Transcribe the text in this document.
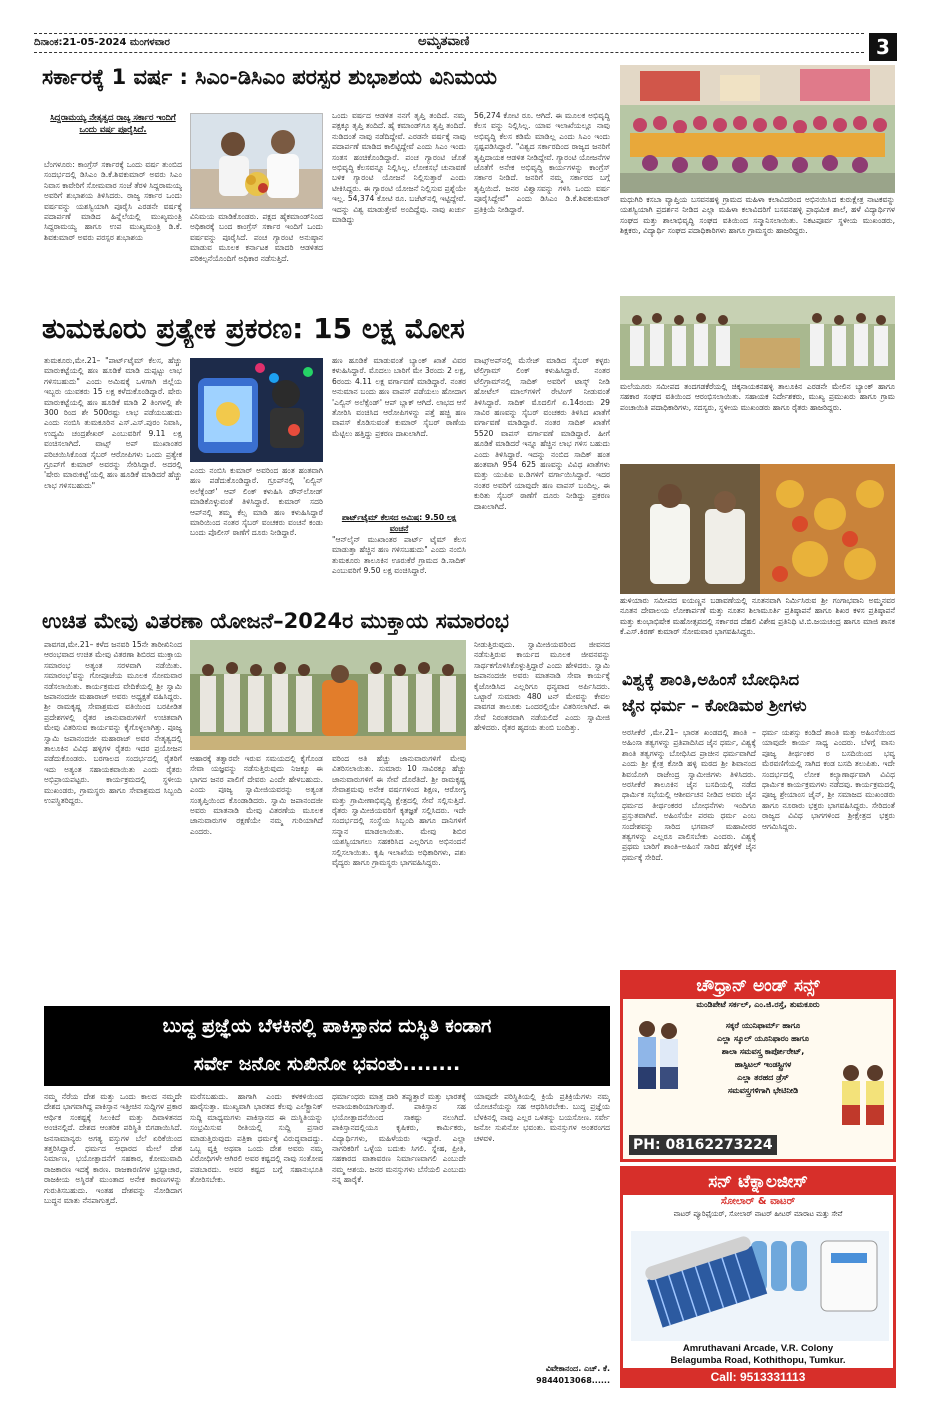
ದಿನಾಂಕ:21-05-2024 ಮಂಗಳವಾರ	ಅಮೃತವಾಣಿ	3
ಸರ್ಕಾರಕ್ಕೆ 1 ವರ್ಷ : ಸಿಎಂ-ಡಿಸಿಎಂ ಪರಸ್ಪರ ಶುಭಾಶಯ ವಿನಿಮಯ
ಸಿದ್ದರಾಮಯ್ಯ ನೇತೃತ್ವದ ರಾಜ್ಯ ಸರ್ಕಾರ ಇಂದಿಗೆ ಒಂದು ವರ್ಷ ಪೂರೈಸಿದೆ.
ಬೆಂಗಳೂರು: ಕಾಂಗ್ರೆಸ್ ಸರ್ಕಾರಕ್ಕೆ ಒಂದು ವರ್ಷ ತುಂಬಿದ ಸಂದರ್ಭದಲ್ಲಿ ಡಿಸಿಎಂ ಡಿ.ಕೆ.ಶಿವಕುಮಾರ್ ಅವರು ಸಿಎಂ ನಿವಾಸ ಕಾವೇರಿಗೆ ಸೋಮವಾರ ಸಂಜೆ ತೆರಳಿ ಸಿದ್ದರಾಮಯ್ಯ ಅವರಿಗೆ ಶುಭಾಶಯ ತಿಳಿಸಿದರು. ರಾಜ್ಯ ಸರ್ಕಾರ ಒಂದು ವರ್ಷವನ್ನು ಯಶಸ್ವಿಯಾಗಿ ಪೂರೈಸಿ ಎರಡನೇ ವರ್ಷಕ್ಕೆ ಪದಾರ್ಪಣೆ ಮಾಡಿದ ಹಿನ್ನೆಲೆಯಲ್ಲಿ ಮುಖ್ಯಮಂತ್ರಿ ಸಿದ್ದರಾಮಯ್ಯ ಹಾಗೂ ಉಪ ಮುಖ್ಯಮಂತ್ರಿ ಡಿ.ಕೆ. ಶಿವಕುಮಾರ್ ಅವರು ಪರಸ್ಪರ ಶುಭಾಶಯ
ವಿನಿಮಯ ಮಾಡಿಕೊಂಡರು. ಪಕ್ಷದ ಹೈಕಮಾಂಡ್‌ನಿಂದ ಅಧಿಕಾರಕ್ಕೆ ಬಂದ ಕಾಂಗ್ರೆಸ್ ಸರ್ಕಾರ ಇಂದಿಗೆ ಒಂದು ವರ್ಷವನ್ನು ಪೂರೈಸಿದೆ. ಪಂಚ ಗ್ಯಾರಂಟಿ ಅನುಷ್ಠಾನ ಮಾಡುವ ಮೂಲಕ ಕರ್ನಾಟಕ ಮಾದರಿ ಆಡಳಿತದ ಪರಿಕಲ್ಪನೆಯೊಂದಿಗೆ ಅಧಿಕಾರ ನಡೆಸುತ್ತಿದೆ.
ಒಂದು ವರ್ಷದ ಆಡಳಿತ ನನಗೆ ತೃಪ್ತಿ ತಂದಿದೆ. ನಮ್ಮ ಪಕ್ಷಕ್ಕೂ ತೃಪ್ತಿ ತಂದಿದೆ. ಹೈ ಕಮಾಂಡ್‌ಗೂ ತೃಪ್ತಿ ತಂದಿದೆ. ನುಡಿದಂತೆ ನಾವು ನಡೆದಿದ್ದೇವೆ. ಎರಡನೇ ವರ್ಷಕ್ಕೆ ನಾವು ಪದಾರ್ಪಣೆ ಮಾಡಿದ ಕಾಲಿಟ್ಟಿದ್ದೇವೆ ಎಂದು ಸಿಎಂ ಇಂದು ಸಂತಸ ಹಂಚಿಕೊಂಡಿದ್ದಾರೆ. ಪಂಚ ಗ್ಯಾರಂಟಿ ಜೊತೆ ಅಭಿವೃದ್ಧಿ ಕೆಲಸವನ್ನೂ ನಿಲ್ಲಿಸಿಲ್ಲ. ಲೋಕಸಭೆ ಚುನಾವಣೆ ಬಳಿಕ ಗ್ಯಾರಂಟಿ ಯೋಜನೆ ನಿಲ್ಲಿಸುತ್ತಾರೆ ಎಂದು ಟೀಕಿಸಿದ್ದರು. ಈ ಗ್ಯಾರಂಟಿ ಯೋಜನೆ ನಿಲ್ಲಿಸುವ ಪ್ರಶ್ನೆಯೇ ಇಲ್ಲ. 54,374 ಕೋಟಿ ರೂ. ಬಜೆಟ್‌ನಲ್ಲಿ ಇಟ್ಟಿದ್ದೇವೆ. ಇದನ್ನು ವಿಶ್ವ ಮಾಡುತ್ತೇವೆ ಅಂದಿದ್ದೆವು. ನಾವು ಖರ್ಚು ಮಾಡಿದ್ದು
56,274 ಕೋಟಿ ರೂ. ಆಗಿದೆ. ಈ ಮೂಲಕ ಅಭಿವೃದ್ಧಿ ಕೆಲಸ ವನ್ನು ನಿಲ್ಲಿಸಿಲ್ಲ. ಯಾವ ಇಲಾಖೆಯಲ್ಲೂ ನಾವು ಅಭಿವೃದ್ಧಿ ಕೆಲಸ ಕಡಿಮೆ ಮಾಡಿಲ್ಲ ಎಂದು ಸಿಎಂ ಇಂದು ಸ್ಪಷ್ಟಪಡಿಸಿದ್ದಾರೆ. "ವಿಶ್ವದ ಸರ್ಕಾರದಿಂದ ರಾಜ್ಯದ ಜನರಿಗೆ ತೃಪ್ತಿದಾಯಕ ಆಡಳಿತ ನೀಡಿದ್ದೇವೆ. ಗ್ಯಾರಂಟಿ ಯೋಜನೆಗಳ ಜೊತೆಗೆ ಅನೇಕ ಅಭಿವೃದ್ಧಿ ಕಾರ್ಯಗಳನ್ನು ಕಾಂಗ್ರೆಸ್ ಸರ್ಕಾರ ನೀಡಿದೆ. ಜನರಿಗೆ ನಮ್ಮ ಸರ್ಕಾರದ ಬಗ್ಗೆ ತೃಪ್ತಿಯಿದೆ. ಜನರ ವಿಶ್ವಾಸವನ್ನು ಗಳಿಸಿ ಒಂದು ವರ್ಷ ಪೂರೈಸಿದ್ದೇವೆ" ಎಂದು ಡಿಸಿಎಂ ಡಿ.ಕೆ.ಶಿವಕುಮಾರ್ ಪ್ರತಿಕ್ರಿಯೆ ನೀಡಿದ್ದಾರೆ.
ಮಧುಗಿರಿ ಕಸಬಾ ವ್ಯಾಪ್ತಿಯ ಬಸವನಹಳ್ಳಿ ಗ್ರಾಮದ ಮಹಿಳಾ ಕಲಾವಿದರಿಂದ ಅಭಿನಯಿಸಿದ ಕುರುಕ್ಷೇತ್ರ ನಾಟಕವನ್ನು ಯಶಸ್ವಿಯಾಗಿ ಪ್ರದರ್ಶನ ನೀಡಿದ ಎಲ್ಲಾ ಮಹಿಳಾ ಕಲಾವಿದರಿಗೆ ಬಸವನಹಳ್ಳಿ ಪ್ರಾಥಮಿಕ ಶಾಲೆ, ಹಳೆ ವಿದ್ಯಾರ್ಥಿಗಳ ಸಂಘದ ಮತ್ತು ಶಾಲಾಭಿವೃದ್ಧಿ ಸಂಘದ ವತಿಯಿಂದ ಸನ್ಮಾನಿಸಲಾಯಿತು. ನಿಕಟಪೂರ್ವ ಸ್ಥಳೀಯ ಮುಖಂಡರು, ಶಿಕ್ಷಕರು, ವಿದ್ಯಾರ್ಥಿ ಸಂಘದ ಪದಾಧಿಕಾರಿಗಳು ಹಾಗೂ ಗ್ರಾಮಸ್ಥರು ಹಾಜರಿದ್ದರು.
ಮಲೆಯೂರು ಸಮೀಪದ ತಂದಗಡಕೆರೆಯಲ್ಲಿ ಚಿಕ್ಕನಾಯಕನಹಳ್ಳಿ ತಾಲೂಕಿನ ಎರಡನೇ ಮೇಲಿನ ಬ್ಯಾಂಕ್ ಹಾಗೂ ಸಹಕಾರ ಸಂಘದ ವತಿಯಿಂದ ಆರಂಭಿಸಲಾಯಿತು. ಸಹಾಯಕ ನಿರ್ದೇಶಕರು, ಮುಖ್ಯ ಪ್ರಮುಖರು ಹಾಗೂ ಗ್ರಾಮ ಪಂಚಾಯಿತಿ ಪದಾಧಿಕಾರಿಗಳು, ಸದಸ್ಯರು, ಸ್ಥಳೀಯ ಮುಖಂಡರು ಹಾಗೂ ರೈತರು ಹಾಜರಿದ್ದರು.
ಹುಳಿಯಾರು ಸಮೀಪದ ಐಯಣ್ಣನ ಬಡಾವಣೆಯಲ್ಲಿ ನೂತನವಾಗಿ ನಿರ್ಮಿಸಿರುವ ಶ್ರೀ ಗಂಗಾಭವಾನಿ ಅಮ್ಮನವರ ನೂತನ ದೇವಾಲಯ ಲೋಕಾರ್ಪಣೆ ಮತ್ತು ನೂತನ ಶಿಲಾಮೂರ್ತಿ ಪ್ರತಿಷ್ಠಾಪನೆ ಹಾಗೂ ಶಿಖರ ಕಳಸ ಪ್ರತಿಷ್ಠಾಪನೆ ಮತ್ತು ಕುಂಭಾಭಿಷೇಕ ಮಹೋತ್ಸವದಲ್ಲಿ ಸರ್ಕಾರದ ದೆಹಲಿ ವಿಶೇಷ ಪ್ರತಿನಿಧಿ ಟಿ.ಬಿ.ಜಯಚಂದ್ರ ಹಾಗೂ ಮಾಜಿ ಶಾಸಕ ಕೆ.ಎಸ್.ಕಿರಣ್ ಕುಮಾರ್ ಸೋಮವಾರ ಭಾಗವಹಿಸಿದ್ದರು.
ತುಮಕೂರು ಪ್ರತ್ಯೇಕ ಪ್ರಕರಣ: 15 ಲಕ್ಷ ಮೋಸ
ತುಮಕೂರು,ಮೇ.21– "ಪಾರ್ಟ್‌ಟೈಮ್ ಕೆಲಸ, ಹೆಚ್ಚು ಮಾರುಕಟ್ಟೆಯಲ್ಲಿ ಹಣ ಹೂಡಿಕೆ ಮಾಡಿ ದುಪ್ಪಟ್ಟು ಲಾಭ ಗಳಿಸಬಹುದು" ಎಂದು ಅಮಿಷಕ್ಕೆ ಒಳಗಾಗಿ ಜಿಲ್ಲೆಯ ಇಬ್ಬರು ಯುವಕರು 15 ಲಕ್ಷ ಕಳೆದುಕೊಂಡಿದ್ದಾರೆ. ಷೇರು ಮಾರುಕಟ್ಟೆಯಲ್ಲಿ ಹಣ ಹೂಡಿಕೆ ಮಾಡಿ 2 ತಿಂಗಳಲ್ಲಿ ಶೇ 300 ರಿಂದ ಶೇ 500ರಷ್ಟು ಲಾಭ ಪಡೆಯಬಹುದು ಎಂದು ನಂಬಿಸಿ ತುಮಕೂರಿನ ಎಸ್.ಎಸ್.ಪುರಂ ನಿವಾಸಿ, ಉದ್ಯಮಿ ಚಂದ್ರಶೇಖರ್ ಎಂಬುವರಿಗೆ 9.11 ಲಕ್ಷ ವಂಚಿಸಲಾಗಿದೆ. ವಾಟ್ಸ್ ಅಪ್ ಮುಖಾಂತರ ಪರಿಚಯಿಸಿಕೊಂಡ ಸೈಬರ್ ಆರೋಪಿಗಳು ಒಂದು ಪ್ರತ್ಯೇಕ ಗ್ರೂಪ್‌ಗೆ ಕುಮಾರ್ ಅವರನ್ನು ಸೇರಿಸಿದ್ದಾರೆ. ಅದರಲ್ಲಿ 'ಷೇರು ಮಾರುಕಟ್ಟೆ'ಯಲ್ಲಿ ಹಣ ಹೂಡಿಕೆ ಮಾಡಿದರೆ ಹೆಚ್ಚು ಲಾಭ ಗಳಿಸಬಹುದು"
ಎಂದು ನಂಬಿಸಿ ಕುಮಾರ್ ಅವರಿಂದ ಹಂತ ಹಂತವಾಗಿ ಹಣ ಪಡೆದುಕೊಂಡಿದ್ದಾರೆ. ಗ್ರೂಪ್‌ನಲ್ಲಿ 'ಏಲ್ವಿನ್ ಅಲೆಕ್ಸೆಂಡ್' ಆಪ್ ಲಿಂಕ್ ಕಳುಹಿಸಿ ಡೌನ್‌ಲೋಡ್ ಮಾಡಿಕೊಳ್ಳುವಂತೆ ತಿಳಿಸಿದ್ದಾರೆ. ಕುಮಾರ್ ಸದರಿ ಆಪ್‌ನಲ್ಲಿ ತಮ್ಮ ಕೆಲ್ಸ ಮಾಡಿ ಹಣ ಕಳುಹಿಸಿದ್ದಾರೆ ಮಾರಿಯಿಂದ ನಂತರ ಸೈಬರ್ ವಂಚಕರು ವಂಚನೆ ಕಂಡು ಬಂದು ಪೊಲೀಸ್ ಠಾಣೆಗೆ ದೂರು ನೀಡಿದ್ದಾರೆ.
ಹಣ ಹೂಡಿಕೆ ಮಾಡುವಂತೆ ಬ್ಯಾಂಕ್ ಖಾತೆ ವಿವರ ಕಳುಹಿಸಿದ್ದಾರೆ. ಮೊದಲು ಬಾರಿಗೆ ಮೇ 3ರಂದು 2 ಲಕ್ಷ, 6ರಂದು 4.11 ಲಕ್ಷ ವರ್ಗಾವಣೆ ಮಾಡಿದ್ದಾರೆ. ನಂತರ ಅನುಮಾನ ಬಂದು ಹಣ ವಾಪಸ್ ಪಡೆಯಲು ಹೋದಾಗ 'ಎಲ್ವಿನ್ ಅಲೆಕ್ಸೆಂಡ್' ಆಪ್ ಬ್ಲಾಕ್ ಆಗಿದೆ. ಲಾಭದ ಆಸೆ ತೋರಿಸಿ ವಂಚಿಸಿದ ಆರೋಪಿಗಳನ್ನು ಪತ್ತೆ ಹಚ್ಚಿ ಹಣ ವಾಪಸ್ ಕೊಡಿಸುವಂತೆ ಕುಮಾರ್ ಸೈಬರ್ ಠಾಣೆಯ ಮೆಟ್ಟಿಲು ಹತ್ತಿದ್ದು ಪ್ರಕರಣ ದಾಖಲಾಗಿದೆ.
ಪಾರ್ಟ್‌ಟೈಮ್ ಕೆಲಸದ ಅಮಿಷ: 9.50 ಲಕ್ಷ ವಂಚನೆ
"ಆನ್‌ಲೈನ್ ಮುಖಾಂತರ ಪಾರ್ಟ್ ಟೈಮ್ ಕೆಲಸ ಮಾಡುತ್ತಾ ಹೆಚ್ಚಿನ ಹಣ ಗಳಿಸಬಹುದು" ಎಂದು ನಂಬಿಸಿ ತುಮಕೂರು ತಾಲೂಕಿನ ಊರುಕೆರೆ ಗ್ರಾಮದ ಡಿ.ಸಾದಿಕ್ ಎಂಬುವರಿಗೆ 9.50 ಲಕ್ಷ ವಂಚಿಸಿದ್ದಾರೆ.
ವಾಟ್ಸ್‌ಅಪ್‌ನಲ್ಲಿ ಮೆಸೇಜ್ ಮಾಡಿದ ಸೈಬರ್ ಕಳ್ಳರು ಟೆಲಿಗ್ರಾಮ್ ಲಿಂಕ್ ಕಳುಹಿಸಿದ್ದಾರೆ. ನಂತರ ಟೆಲಿಗ್ರಾಮ್‌ನಲ್ಲಿ ಸಾದಿಕ್ ಅವರಿಗೆ ಟಾಸ್ಕ್ ನೀಡಿ ಹೋಟೆಲ್ ಮಾಲ್‌ಗಳಿಗೆ ರೇಟಿಂಗ್ ನೀಡುವಂತೆ ತಿಳಿಸಿದ್ದಾರೆ. ಸಾದಿಕ್ ಮೊದಲಿಗೆ ಏ.14ರಂದು 29 ಸಾವಿರ ಹಣವನ್ನು ಸೈಬರ್ ವಂಚಕರು ತಿಳಿಸಿದ ಖಾತೆಗೆ ವರ್ಗಾವಣೆ ಮಾಡಿದ್ದಾರೆ. ನಂತರ ಸಾದಿಕ್ ಖಾತೆಗೆ 5520 ವಾಪಸ್ ವರ್ಗಾವಣೆ ಮಾಡಿದ್ದಾರೆ. ಹೀಗೆ ಹೂಡಿಕೆ ಮಾಡಿದರೆ ಇನ್ನೂ ಹೆಚ್ಚಿನ ಲಾಭ ಗಳಿಸ ಬಹುದು ಎಂದು ತಿಳಿಸಿದ್ದಾರೆ. ಇದನ್ನು ನಂಬಿದ ಸಾದಿಕ್ ಹಂತ ಹಂತವಾಗಿ 954 625 ಹಣವನ್ನು ವಿವಿಧ ಖಾತೆಗಳು ಮತ್ತು ಯುಪಿಐ ಐ.ಡಿಗಳಿಗೆ ವರ್ಗಾಯಿಸಿದ್ದಾರೆ. ಇದರ ನಂತರ ಅವರಿಗೆ ಯಾವುದೇ ಹಣ ವಾಪಸ್ ಬಂದಿಲ್ಲ. ಈ ಕುರಿತು ಸೈಬರ್ ಠಾಣೆಗೆ ದೂರು ನೀಡಿದ್ದು ಪ್ರಕರಣ ದಾಖಲಾಗಿದೆ.
ಉಚಿತ ಮೇವು ವಿತರಣಾ ಯೋಜನೆ–2024ರ ಮುಕ್ತಾಯ ಸಮಾರಂಭ
ಪಾವಗಡ,ಮೇ.21– ಕಳೆದ ಜನವರಿ 15ನೇ ತಾರೀಖಿನಿಂದ ಆರಂಭವಾದ ಉಚಿತ ಮೇವು ವಿತರಣಾ ಶಿಬಿರದ ಮುಕ್ತಾಯ ಸಮಾರಂಭ ಅತ್ಯಂತ ಸರಳವಾಗಿ ನಡೆಯಿತು. ಸಮಾರಂಭ'ವನ್ನು ಗೋಪೂಜೆಯ ಮೂಲಕ ಸೋಮವಾರ ನಡೆಸಲಾಯಿತು. ಕಾರ್ಯಕ್ರಮದ ವೇದಿಕೆಯಲ್ಲಿ ಶ್ರೀ ಸ್ವಾಮಿ ಜಪಾನಂದಜೀ ಮಹಾರಾಜ್ ಅವರು ಅಧ್ಯಕ್ಷತೆ ವಹಿಸಿದ್ದರು. ಶ್ರೀ ರಾಮಕೃಷ್ಣ ಸೇವಾಶ್ರಮದ ವತಿಯಿಂದ ಬರಪೀಡಿತ ಪ್ರದೇಶಗಳಲ್ಲಿ ರೈತರ ಜಾನುವಾರುಗಳಿಗೆ ಉಚಿತವಾಗಿ ಮೇವು ವಿತರಿಸುವ ಕಾರ್ಯವನ್ನು ಕೈಗೊಳ್ಳಲಾಗಿತ್ತು. ಪೂಜ್ಯ ಸ್ವಾಮಿ ಜಪಾನಂದಜೀ ಮಹಾರಾಜ್ ಅವರ ನೇತೃತ್ವದಲ್ಲಿ ತಾಲೂಕಿನ ವಿವಿಧ ಹಳ್ಳಿಗಳ ರೈತರು ಇದರ ಪ್ರಯೋಜನ ಪಡೆದುಕೊಂಡರು. ಬರಗಾಲದ ಸಂದರ್ಭದಲ್ಲಿ ರೈತರಿಗೆ ಇದು ಅತ್ಯಂತ ಸಹಾಯಕವಾಯಿತು ಎಂದು ರೈತರು ಅಭಿಪ್ರಾಯಪಟ್ಟರು. ಕಾರ್ಯಕ್ರಮದಲ್ಲಿ ಸ್ಥಳೀಯ ಮುಖಂಡರು, ಗ್ರಾಮಸ್ಥರು ಹಾಗೂ ಸೇವಾಶ್ರಮದ ಸಿಬ್ಬಂದಿ ಉಪಸ್ಥಿತರಿದ್ದರು.
ಆಹಾರಕ್ಕೆ ತತ್ವಾರವೇ ಇರುವ ಸಮಯದಲ್ಲಿ ಕೈಗೊಂಡ ಸೇವಾ ಯಜ್ಞವನ್ನು ನಡೆಸುತ್ತಿರುವುದು ನಿಜಕ್ಕೂ ಈ ಭಾಗದ ಜನರ ಪಾಲಿಗೆ ದೇವರು ಎಂದೇ ಹೇಳಬಹುದು. ಎಂದು ಪೂಜ್ಯ ಸ್ವಾಮೀಜಿಯವರನ್ನು ಅತ್ಯಂತ ಸಂತೃಪ್ತಿಯಿಂದ ಕೊಂಡಾಡಿದರು. ಸ್ವಾಮಿ ಜಪಾನಂದಜೀ ಅವರು ಮಾತನಾಡಿ ಮೇವು ವಿತರಣೆಯ ಮೂಲಕ ಜಾನುವಾರುಗಳ ರಕ್ಷಣೆಯೇ ನಮ್ಮ ಗುರಿಯಾಗಿದೆ ಎಂದರು.
ವರಿಂದ ಅತಿ ಹೆಚ್ಚು ಜಾನುವಾರುಗಳಿಗೆ ಮೇವು ವಿತರಿಸಲಾಯಿತು. ಸುಮಾರು 10 ಸಾವಿರಕ್ಕೂ ಹೆಚ್ಚು ಜಾನುವಾರುಗಳಿಗೆ ಈ ಸೇವೆ ದೊರೆತಿದೆ. ಶ್ರೀ ರಾಮಕೃಷ್ಣ ಸೇವಾಶ್ರಮವು ಅನೇಕ ವರ್ಷಗಳಿಂದ ಶಿಕ್ಷಣ, ಆರೋಗ್ಯ ಮತ್ತು ಗ್ರಾಮೀಣಾಭಿವೃದ್ಧಿ ಕ್ಷೇತ್ರದಲ್ಲಿ ಸೇವೆ ಸಲ್ಲಿಸುತ್ತಿದೆ. ರೈತರು ಸ್ವಾಮೀಜಿಯವರಿಗೆ ಕೃತಜ್ಞತೆ ಸಲ್ಲಿಸಿದರು. ಇದೇ ಸಂದರ್ಭದಲ್ಲಿ ಸಂಸ್ಥೆಯ ಸಿಬ್ಬಂದಿ ಹಾಗೂ ದಾನಿಗಳಿಗೆ ಸನ್ಮಾನ ಮಾಡಲಾಯಿತು. ಮೇವು ಶಿಬಿರ ಯಶಸ್ವಿಯಾಗಲು ಸಹಕರಿಸಿದ ಎಲ್ಲರಿಗೂ ಅಭಿನಂದನೆ ಸಲ್ಲಿಸಲಾಯಿತು. ಕೃಷಿ ಇಲಾಖೆಯ ಅಧಿಕಾರಿಗಳು, ಪಶು ವೈದ್ಯರು ಹಾಗೂ ಗ್ರಾಮಸ್ಥರು ಭಾಗವಹಿಸಿದ್ದರು.
ನೀಡುತ್ತಿರುವುದು. ಸ್ವಾಮೀಜಿಯವರಿಂದ ಜೀವನದ ನಡೆಸುತ್ತಿರುವ ಕಾರ್ಯದ ಮೂಲಕ ಜೀವನವನ್ನು ಸಾರ್ಥಕಗೊಳಿಸಿಕೊಳ್ಳುತ್ತಿದ್ದಾರೆ ಎಂದು ಹೇಳಿದರು. ಸ್ವಾಮಿ ಜಪಾನಂದಜೀ ಅವರು ಮಾತನಾಡಿ ಸೇವಾ ಕಾರ್ಯಕ್ಕೆ ಕೈಜೋಡಿಸಿದ ಎಲ್ಲರಿಗೂ ಧನ್ಯವಾದ ಅರ್ಪಿಸಿದರು. ಒಟ್ಟಾರೆ ಸುಮಾರು 480 ಟನ್ ಮೇವನ್ನು ಕೇವಲ ಪಾವಗಡ ತಾಲೂಕು ಒಂದರಲ್ಲಿಯೇ ವಿತರಿಸಲಾಗಿದೆ. ಈ ಸೇವೆ ನಿರಂತರವಾಗಿ ನಡೆಯಲಿದೆ ಎಂದು ಸ್ವಾಮೀಜಿ ಹೇಳಿದರು. ರೈತರ ಹೃದಯ ತುಂಬಿ ಬಂದಿತ್ತು.
ವಿಶ್ವಕ್ಕೆ ಶಾಂತಿ,ಅಹಿಂಸೆ ಬೋಧಿಸಿದ
ಜೈನ ಧರ್ಮ – ಕೋಡಿಮಠ ಶ್ರೀಗಳು
ಅರಸೀಕೆರೆ ,ಮೇ.21– ಭಾರತ ಖಂಡದಲ್ಲಿ ಶಾಂತಿ –ಅಹಿಂಸಾ ತತ್ವಗಳನ್ನು ಪ್ರತಿಪಾದಿಸಿದ ಜೈನ ಧರ್ಮ, ವಿಶ್ವಕ್ಕೆ ಶಾಂತಿ ತತ್ವಗಳನ್ನು ಬೋಧಿಸಿದ ಪ್ರಾಚೀನ ಧರ್ಮವಾಗಿದೆ ಎಂದು ಶ್ರೀ ಕ್ಷೇತ್ರ ಕೋಡಿ ಹಳ್ಳಿ ಮಠದ ಶ್ರೀ ಶಿವಾನಂದ ಶಿವಯೋಗಿ ರಾಜೇಂದ್ರ ಸ್ವಾಮೀಜಿಗಳು ತಿಳಿಸಿದರು. ಅರಸೀಕೆರೆ ತಾಲೂಕಿನ ಜೈನ ಬಸದಿಯಲ್ಲಿ ನಡೆದ ಧಾರ್ಮಿಕ ಸಭೆಯಲ್ಲಿ ಆಶೀರ್ವಚನ ನೀಡಿದ ಅವರು ಜೈನ ಧರ್ಮದ ತೀರ್ಥಂಕರರ ಬೋಧನೆಗಳು ಇಂದಿಗೂ ಪ್ರಸ್ತುತವಾಗಿವೆ. ಅಹಿಂಸೆಯೇ ಪರಮ ಧರ್ಮ ಎಂಬ ಸಂದೇಶವನ್ನು ಸಾರಿದ ಭಗವಾನ್ ಮಹಾವೀರರ ತತ್ವಗಳನ್ನು ಎಲ್ಲರೂ ಪಾಲಿಸಬೇಕು ಎಂದರು. ವಿಶ್ವಕ್ಕೆ ಪ್ರಥಮ ಬಾರಿಗೆ ಶಾಂತಿ–ಅಹಿಂಸೆ ಸಾರಿದ ಹೆಗ್ಗಳಿಕೆ ಜೈನ ಧರ್ಮಕ್ಕೆ ಸೇರಿದೆ.
ಧರ್ಮ ಯಶಸ್ಸು ಕಂಡಿದೆ ಶಾಂತಿ ಮತ್ತು ಅಹಿಂಸೆಯಿಂದ ಯಾವುದೇ ಕಾರ್ಯ ಸಾಧ್ಯ ಎಂದರು. ಬೆಳಗ್ಗೆ ವಾಸು ಪೂಜ್ಯ ತೀರ್ಥಂಕರ ರ ಬಸದಿಯಿಂದ ಭವ್ಯ ಮೆರವಣಿಗೆಯಲ್ಲಿ ಸಾಗಿದ ಕಂಡ ಬಸದಿ ತಲುಪಿತು. ಇದೇ ಸಂದರ್ಭದಲ್ಲಿ ಲೋಕ ಕಲ್ಯಾಣಾರ್ಥವಾಗಿ ವಿವಿಧ ಧಾರ್ಮಿಕ ಕಾರ್ಯಕ್ರಮಗಳು ನಡೆದವು. ಕಾರ್ಯಕ್ರಮದಲ್ಲಿ ಪೂಜ್ಯ ಶ್ರೇಯಾಂಸ ಜೈನ್, ಶ್ರೀ ಸಮಾಜದ ಮುಖಂಡರು ಹಾಗೂ ನೂರಾರು ಭಕ್ತರು ಭಾಗವಹಿಸಿದ್ದರು. ಸೇರಿದಂತೆ ರಾಜ್ಯದ ವಿವಿಧ ಭಾಗಗಳಿಂದ ಶ್ರೀಕ್ಷೇತ್ರದ ಭಕ್ತರು ಆಗಮಿಸಿದ್ದರು.
ಚೌಧ್ರಾನ್ ಅಂಡ್ ಸನ್ಸ್
ಮಂಡಿಪೇಟೆ ಸರ್ಕಲ್, ಎಂ.ಜಿ.ರಸ್ತೆ, ತುಮಕೂರು
ಸಕ್ಕರೆ ಯುನಿಫಾರ್ಮ್ ಹಾಗೂ
ಎಲ್ಲಾ ಸ್ಕೂಲ್ ಯೂನಿಫಾರಂ ಹಾಗೂ
ಶಾಲಾ ಸಮವಸ್ತ್ರ ಕಾರ್ಪೋರೇಟ್,
ಹಾಸ್ಪಿಟಲ್ ಇಂಡಸ್ಟ್ರಿಗಳ
ಎಲ್ಲಾ ತರಹದ ಡ್ರೆಸ್
ಸಮವಸ್ತ್ರಗಳಿಗಾಗಿ ಭೇಟಿನೀಡಿ
PH: 08162273224
ಸನ್ ಟೆಕ್ನಾಲಜೀಸ್
ಸೋಲಾರ್ & ವಾಟರ್
ವಾಟರ್ ಪ್ಯೂರಿಫೈಯರ್, ಸೋಲಾರ್ ವಾಟರ್ ಹೀಟರ್ ಮಾರಾಟ ಮತ್ತು ಸೇವೆ
Amruthavani Arcade, V.R. Colony
Belagumba Road, Kothithopu, Tumkur.
Call: 9513331113
ಬುದ್ಧ ಪ್ರಜ್ಞೆಯ ಬೆಳಕಿನಲ್ಲಿ ಪಾಕಿಸ್ತಾನದ ದುಸ್ಥಿತಿ ಕಂಡಾಗ
ಸರ್ವೇ ಜನೋ ಸುಖಿನೋ ಭವಂತು........
ನಮ್ಮ ನೆರೆಯ ದೇಶ ಮತ್ತು ಒಂದು ಕಾಲದ ನಮ್ಮದೇ ದೇಶದ ಭಾಗವಾಗಿದ್ದ ಪಾಕಿಸ್ತಾನ ಇತ್ತೀಚಿನ ಸುದ್ದಿಗಳ ಪ್ರಕಾರ ಆರ್ಥಿಕ ಸಂಕಷ್ಟಕ್ಕೆ ಸಿಲುಕಿದೆ ಮತ್ತು ದಿವಾಳಿತನದ ಅಂಚಿನಲ್ಲಿದೆ. ದೇಶದ ಆಂತರಿಕ ಪರಿಸ್ಥಿತಿ ಬಿಗಡಾಯಿಸಿದೆ. ಜನಸಾಮಾನ್ಯರು ಅಗತ್ಯ ವಸ್ತುಗಳ ಬೆಲೆ ಏರಿಕೆಯಿಂದ ತತ್ತರಿಸಿದ್ದಾರೆ. ಧರ್ಮದ ಆಧಾರದ ಮೇಲೆ ದೇಶ ನಿರ್ಮಾಣ, ಭಯೋತ್ಪಾದನೆಗೆ ಸಹಕಾರ, ಕೋಮುವಾದಿ ರಾಜಕಾರಣ ಇದಕ್ಕೆ ಕಾರಣ. ರಾಜಕಾರಣಿಗಳ ಭ್ರಷ್ಟಾಚಾರ, ರಾಜಕೀಯ ಅಸ್ಥಿರತೆ ಮುಂತಾದ ಅನೇಕ ಕಾರಣಗಳನ್ನು ಗುರುತಿಸಬಹುದು. ಇಂತಹ ದೇಶವನ್ನು ನೋಡಿದಾಗ ಬುದ್ಧನ ಮಾತು ನೆನಪಾಗುತ್ತದೆ.
ಮರೆಸಬಹುದು. ಹಾಗಾಗಿ ಎಂದು ಕಳಕಳಿಯಿಂದ ಹಾರೈಸುತ್ತಾ. ಮುಖ್ಯವಾಗಿ ಭಾರತದ ಕೆಲವು ಎಲೆಕ್ಟ್ರಾನಿಕ್ ಸುದ್ದಿ ಮಾಧ್ಯಮಗಳು ಪಾಕಿಸ್ತಾನದ ಈ ದುಸ್ಥಿತಿಯನ್ನು ಸಂಭ್ರಮಿಸುವ ರೀತಿಯಲ್ಲಿ ಸುದ್ದಿ ಪ್ರಸಾರ ಮಾಡುತ್ತಿರುವುದು ಪತ್ರಿಕಾ ಧರ್ಮಕ್ಕೆ ವಿರುದ್ಧವಾದದ್ದು. ಒಬ್ಬ ವ್ಯಕ್ತಿ ಅಥವಾ ಒಂದು ದೇಶ ಅವರು ನಮ್ಮ ವಿರೋಧಿಗಳೇ ಆಗಿರಲಿ ಅವರ ಕಷ್ಟದಲ್ಲಿ ನಾವು ಸಂತೋಷ ಪಡಬಾರದು. ಅವರ ಕಷ್ಟದ ಬಗ್ಗೆ ಸಹಾನುಭೂತಿ ತೋರಿಸಬೇಕು.
ಧರ್ಮಾಂಧರು ಮಾತ್ರ ದಾರಿ ತಪ್ಪುತ್ತಾರೆ ಮತ್ತು ಭಾರತಕ್ಕೆ ಅಪಾಯಕಾರಿಯಾಗುತ್ತಾರೆ. ಪಾಕಿಸ್ತಾನ ಸಹ ಭಯೋತ್ಪಾದನೆಯಿಂದ ಸಾಕಷ್ಟು ನಲುಗಿದೆ. ಪಾಕಿಸ್ತಾನದಲ್ಲಿಯೂ ಕೃಷಿಕರು, ಕಾರ್ಮಿಕರು, ವಿದ್ಯಾರ್ಥಿಗಳು, ಮಹಿಳೆಯರು ಇದ್ದಾರೆ. ಎಲ್ಲಾ ನಾಗರಿಕರಿಗೆ ಒಳ್ಳೆಯ ಬದುಕು ಸಿಗಲಿ. ಸ್ನೇಹ, ಪ್ರೀತಿ, ಸಹಕಾರದ ವಾತಾವರಣ ನಿರ್ಮಾಣವಾಗಲಿ ಎಂಬುದೇ ನಮ್ಮ ಆಶಯ. ಜನರ ಮನಸ್ಸುಗಳು ಬೆಸೆಯಲಿ ಎಂಬುದು ನನ್ನ ಹಾರೈಕೆ.
ಯಾವುದೇ ಪರಿಸ್ಥಿತಿಯಲ್ಲಿ ಕ್ರಿಯೆ ಪ್ರತಿಕ್ರಿಯೆಗಳು ನಮ್ಮ ಯೋಚನೆಯನ್ನು ಸಹ ಆಧರಿಸಿರಬೇಕು. ಬುದ್ಧ ಪ್ರಜ್ಞೆಯ ಬೆಳಕಿನಲ್ಲಿ ನಾವು ಎಲ್ಲರ ಒಳಿತನ್ನು ಬಯಸೋಣ. ಸರ್ವೇ ಜನೋ ಸುಖಿನೋ ಭವಂತು. ಮನಸ್ಸುಗಳ ಅಂತರಂಗದ ಚಳವಳಿ.
ವಿವೇಕಾನಂದ. ಎಚ್. ಕೆ.
9844013068......
